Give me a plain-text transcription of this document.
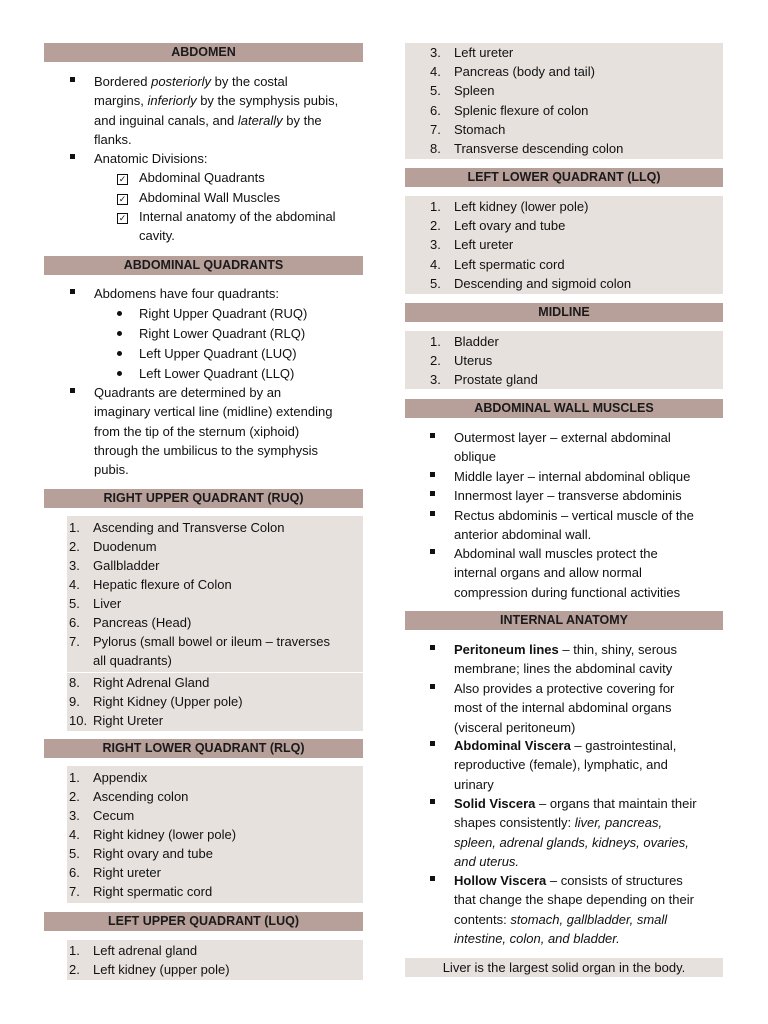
ABDOMEN
Bordered posteriorly by the costal
margins, inferiorly by the symphysis pubis,
and inguinal canals, and laterally by the
flanks.
Anatomic Divisions:
✓ Abdominal Quadrants
✓ Abdominal Wall Muscles
✓ Internal anatomy of the abdominal
cavity.
ABDOMINAL QUADRANTS
Abdomens have four quadrants:
Right Upper Quadrant (RUQ)
Right Lower Quadrant (RLQ)
Left Upper Quadrant (LUQ)
Left Lower Quadrant (LLQ)
Quadrants are determined by an
imaginary vertical line (midline) extending
from the tip of the sternum (xiphoid)
through the umbilicus to the symphysis
pubis.
RIGHT UPPER QUADRANT (RUQ)
1.	Ascending and Transverse Colon
2.	Duodenum
3.	Gallbladder
4.	Hepatic flexure of Colon
5.	Liver
6.	Pancreas (Head)
7.	Pylorus (small bowel or ileum – traverses
all quadrants)
8.	Right Adrenal Gland
9.	Right Kidney (Upper pole)
10. Right Ureter
RIGHT LOWER QUADRANT (RLQ)
1.	Appendix
2.	Ascending colon
3.	Cecum
4.	Right kidney (lower pole)
5.	Right ovary and tube
6.	Right ureter
7.	Right spermatic cord
LEFT UPPER QUADRANT (LUQ)
1.	Left adrenal gland
2.	Left kidney (upper pole)
3.	Left ureter
4.	Pancreas (body and tail)
5.	Spleen
6.	Splenic flexure of colon
7.	Stomach
8.	Transverse descending colon
LEFT LOWER QUADRANT (LLQ)
1.	Left kidney (lower pole)
2.	Left ovary and tube
3.	Left ureter
4.	Left spermatic cord
5.	Descending and sigmoid colon
MIDLINE
1.	Bladder
2.	Uterus
3.	Prostate gland
ABDOMINAL WALL MUSCLES
Outermost layer – external abdominal
oblique
Middle layer – internal abdominal oblique
Innermost layer – transverse abdominis
Rectus abdominis – vertical muscle of the
anterior abdominal wall.
Abdominal wall muscles protect the
internal organs and allow normal
compression during functional activities
INTERNAL ANATOMY
Peritoneum lines – thin, shiny, serous
membrane; lines the abdominal cavity
Also provides a protective covering for
most of the internal abdominal organs
(visceral peritoneum)
Abdominal Viscera – gastrointestinal,
reproductive (female), lymphatic, and
urinary
Solid Viscera – organs that maintain their
shapes consistently: liver, pancreas,
spleen, adrenal glands, kidneys, ovaries,
and uterus.
Hollow Viscera – consists of structures
that change the shape depending on their
contents: stomach, gallbladder, small
intestine, colon, and bladder.
Liver is the largest solid organ in the body.
